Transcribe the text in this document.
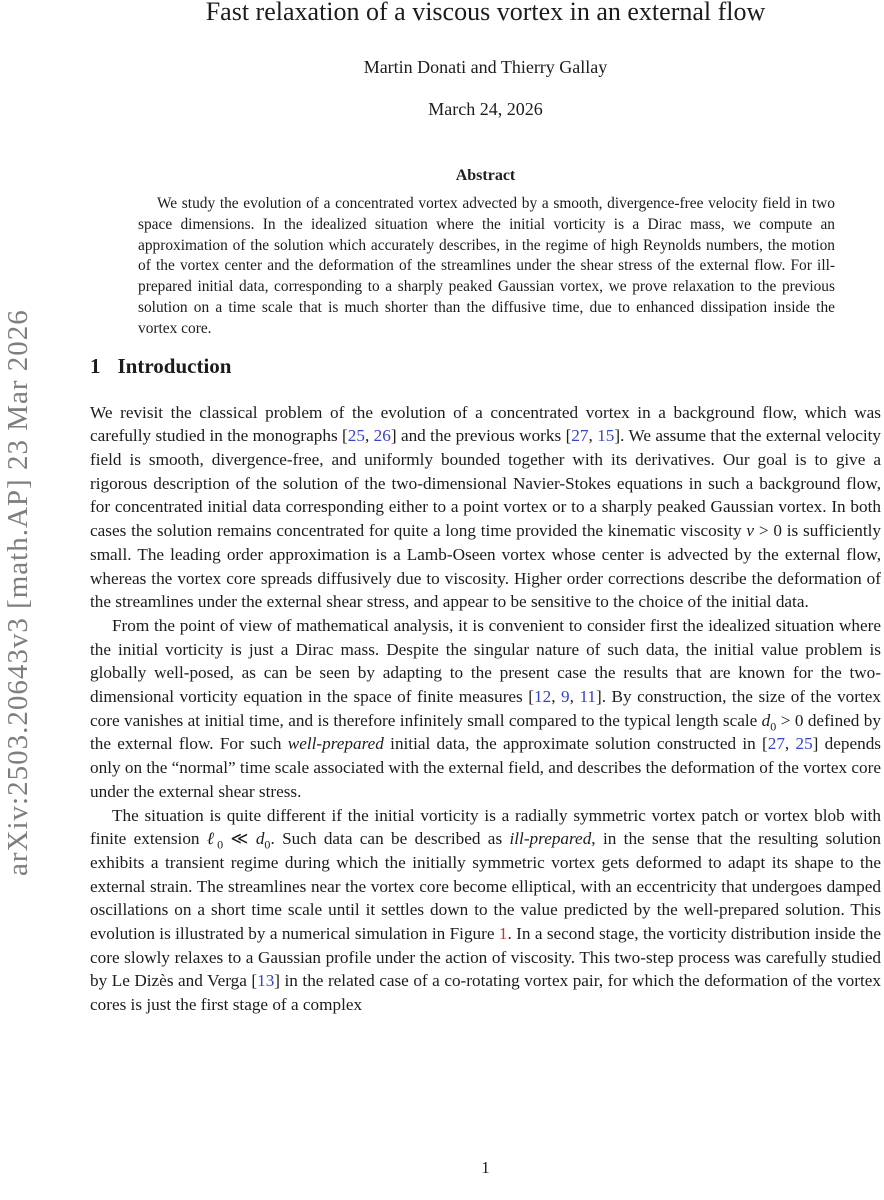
arXiv:2503.20643v3 [math.AP] 23 Mar 2026
Fast relaxation of a viscous vortex in an external flow
Martin Donati and Thierry Gallay
March 24, 2026
Abstract

We study the evolution of a concentrated vortex advected by a smooth, divergence-free velocity field in two space dimensions. In the idealized situation where the initial vorticity is a Dirac mass, we compute an approximation of the solution which accurately describes, in the regime of high Reynolds numbers, the motion of the vortex center and the deformation of the streamlines under the shear stress of the external flow. For ill-prepared initial data, corresponding to a sharply peaked Gaussian vortex, we prove relaxation to the previous solution on a time scale that is much shorter than the diffusive time, due to enhanced dissipation inside the vortex core.

1 Introduction

We revisit the classical problem of the evolution of a concentrated vortex in a background flow, which was carefully studied in the monographs [25, 26] and the previous works [27, 15]. We assume that the external velocity field is smooth, divergence-free, and uniformly bounded together with its derivatives. Our goal is to give a rigorous description of the solution of the two-dimensional Navier-Stokes equations in such a background flow, for concentrated initial data corresponding either to a point vortex or to a sharply peaked Gaussian vortex. In both cases the solution remains concentrated for quite a long time provided the kinematic viscosity ν > 0 is sufficiently small. The leading order approximation is a Lamb-Oseen vortex whose center is advected by the external flow, whereas the vortex core spreads diffusively due to viscosity. Higher order corrections describe the deformation of the streamlines under the external shear stress, and appear to be sensitive to the choice of the initial data.

From the point of view of mathematical analysis, it is convenient to consider first the idealized situation where the initial vorticity is just a Dirac mass. Despite the singular nature of such data, the initial value problem is globally well-posed, as can be seen by adapting to the present case the results that are known for the two-dimensional vorticity equation in the space of finite measures [12, 9, 11]. By construction, the size of the vortex core vanishes at initial time, and is therefore infinitely small compared to the typical length scale $d_0 > 0$ defined by the external flow. For such well-prepared initial data, the approximate solution constructed in [27, 25] depends only on the “normal” time scale associated with the external field, and describes the deformation of the vortex core under the external shear stress.

The situation is quite different if the initial vorticity is a radially symmetric vortex patch or vortex blob with finite extension ℓ$_0$ ≪ $d_0$. Such data can be described as ill-prepared, in the sense that the resulting solution exhibits a transient regime during which the initially symmetric vortex gets deformed to adapt its shape to the external strain. The streamlines near the vortex core become elliptical, with an eccentricity that undergoes damped oscillations on a short time scale until it settles down to the value predicted by the well-prepared solution. This evolution is illustrated by a numerical simulation in Figure 1. In a second stage, the vorticity distribution inside the core slowly relaxes to a Gaussian profile under the action of viscosity. This two-step process was carefully studied by Le Dizès and Verga [13] in the related case of a co-rotating vortex pair, for which the deformation of the vortex cores is just the first stage of a complex

1
